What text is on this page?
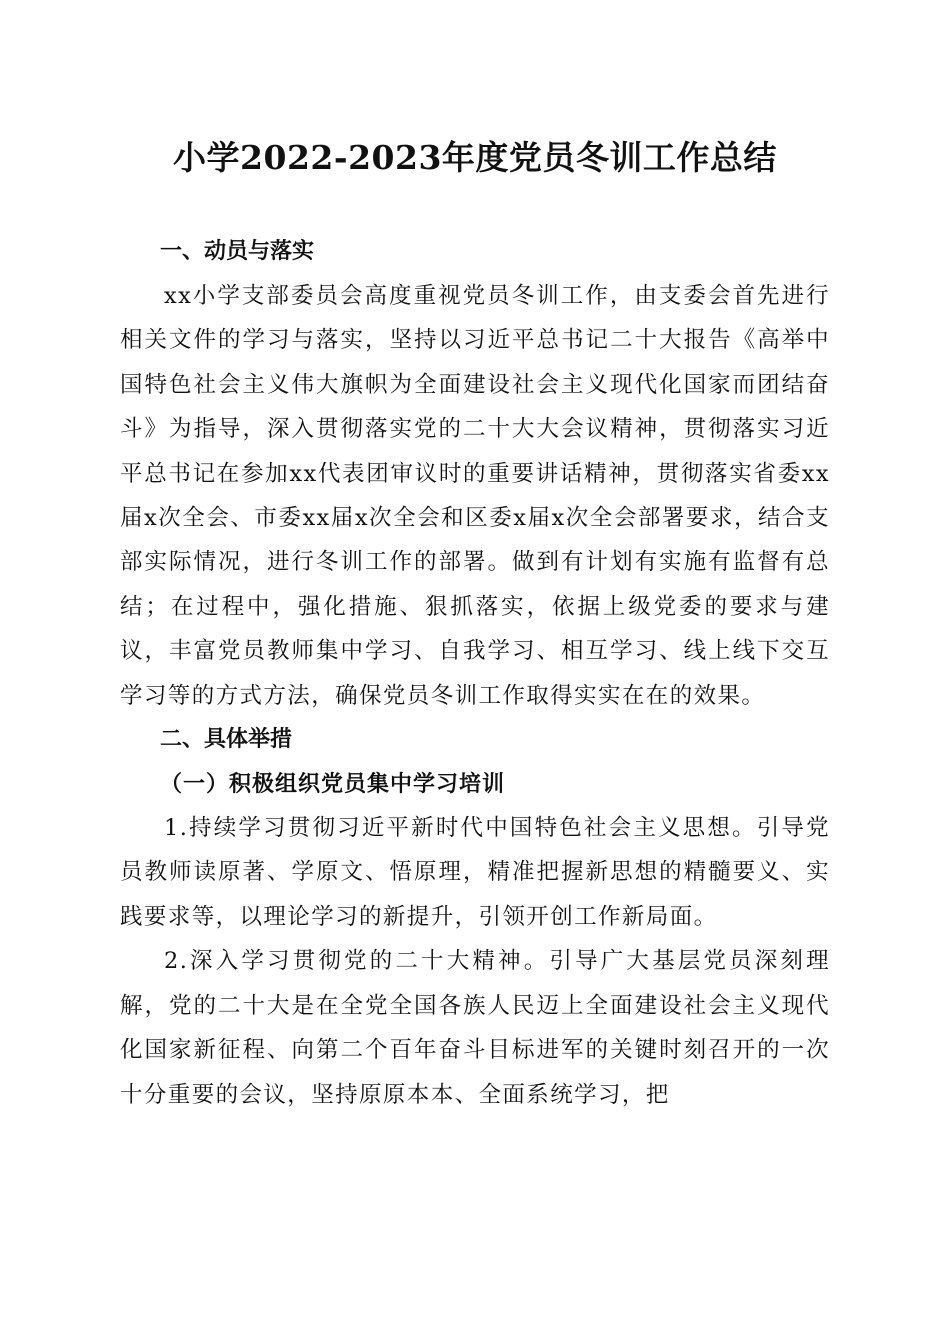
小学2022-2023年度党员冬训工作总结
一、动员与落实

xx小学支部委员会高度重视党员冬训工作，由支委会首先进行相关文件的学习与落实，坚持以习近平总书记二十大报告《高举中国特色社会主义伟大旗帜为全面建设社会主义现代化国家而团结奋斗》为指导，深入贯彻落实党的二十大大会议精神，贯彻落实习近平总书记在参加xx代表团审议时的重要讲话精神，贯彻落实省委xx届x次全会、市委xx届x次全会和区委x届x次全会部署要求，结合支部实际情况，进行冬训工作的部署。做到有计划有实施有监督有总结；在过程中，强化措施、狠抓落实，依据上级党委的要求与建议，丰富党员教师集中学习、自我学习、相互学习、线上线下交互学习等的方式方法，确保党员冬训工作取得实实在在的效果。

二、具体举措
（一）积极组织党员集中学习培训

1.持续学习贯彻习近平新时代中国特色社会主义思想。引导党员教师读原著、学原文、悟原理，精准把握新思想的精髓要义、实践要求等，以理论学习的新提升，引领开创工作新局面。

2.深入学习贯彻党的二十大精神。引导广大基层党员深刻理解，党的二十大是在全党全国各族人民迈上全面建设社会主义现代化国家新征程、向第二个百年奋斗目标进军的关键时刻召开的一次十分重要的会议，坚持原原本本、全面系统学习，把
